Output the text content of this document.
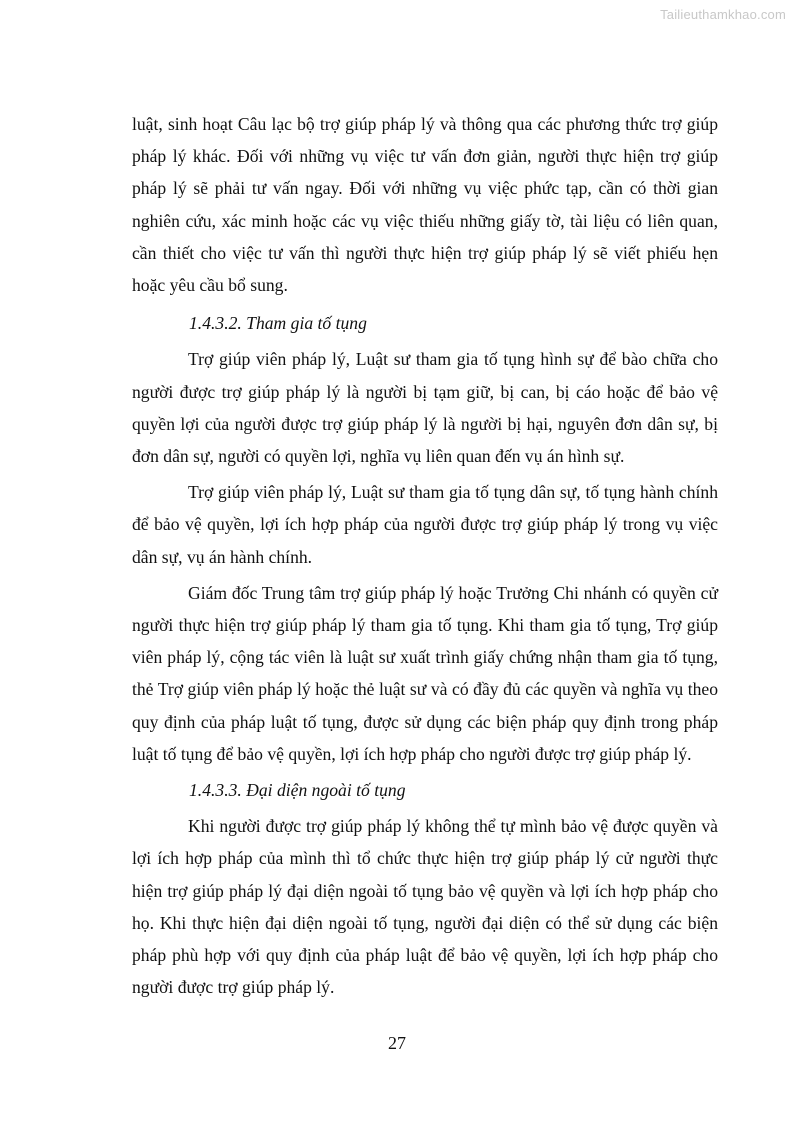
Tailieuthamkhao.com

luật, sinh hoạt Câu lạc bộ trợ giúp pháp lý và thông qua các phương thức trợ giúp pháp lý khác. Đối với những vụ việc tư vấn đơn giản, người thực hiện trợ giúp pháp lý sẽ phải tư vấn ngay. Đối với những vụ việc phức tạp, cần có thời gian nghiên cứu, xác minh hoặc các vụ việc thiếu những giấy tờ, tài liệu có liên quan, cần thiết cho việc tư vấn thì người thực hiện trợ giúp pháp lý sẽ viết phiếu hẹn hoặc yêu cầu bổ sung.

1.4.3.2. Tham gia tố tụng

Trợ giúp viên pháp lý, Luật sư tham gia tố tụng hình sự để bào chữa cho người được trợ giúp pháp lý là người bị tạm giữ, bị can, bị cáo hoặc để bảo vệ quyền lợi của người được trợ giúp pháp lý là người bị hại, nguyên đơn dân sự, bị đơn dân sự, người có quyền lợi, nghĩa vụ liên quan đến vụ án hình sự.

Trợ giúp viên pháp lý, Luật sư tham gia tố tụng dân sự, tố tụng hành chính để bảo vệ quyền, lợi ích hợp pháp của người được trợ giúp pháp lý trong vụ việc dân sự, vụ án hành chính.

Giám đốc Trung tâm trợ giúp pháp lý hoặc Trưởng Chi nhánh có quyền cử người thực hiện trợ giúp pháp lý tham gia tố tụng. Khi tham gia tố tụng, Trợ giúp viên pháp lý, cộng tác viên là luật sư xuất trình giấy chứng nhận tham gia tố tụng, thẻ Trợ giúp viên pháp lý hoặc thẻ luật sư và có đầy đủ các quyền và nghĩa vụ theo quy định của pháp luật tố tụng, được sử dụng các biện pháp quy định trong pháp luật tố tụng để bảo vệ quyền, lợi ích hợp pháp cho người được trợ giúp pháp lý.

1.4.3.3. Đại diện ngoài tố tụng

Khi người được trợ giúp pháp lý không thể tự mình bảo vệ được quyền và lợi ích hợp pháp của mình thì tổ chức thực hiện trợ giúp pháp lý cử người thực hiện trợ giúp pháp lý đại diện ngoài tố tụng bảo vệ quyền và lợi ích hợp pháp cho họ. Khi thực hiện đại diện ngoài tố tụng, người đại diện có thể sử dụng các biện pháp phù hợp với quy định của pháp luật để bảo vệ quyền, lợi ích hợp pháp cho người được trợ giúp pháp lý.

27
